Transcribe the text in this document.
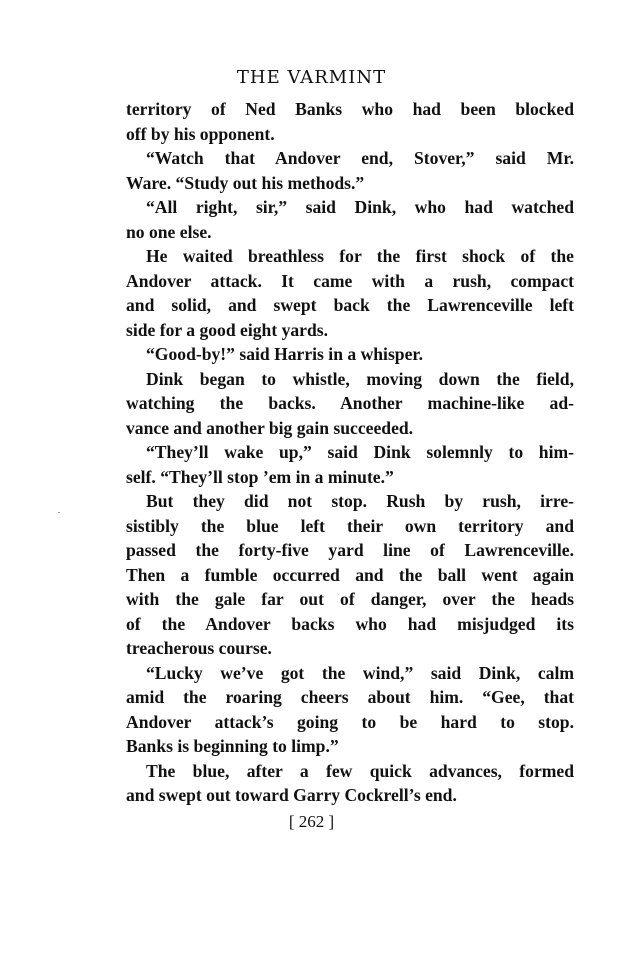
THE VARMINT
territory of Ned Banks who had been blocked
off by his opponent.
“Watch that Andover end, Stover,” said Mr.
Ware. “Study out his methods.”
“All right, sir,” said Dink, who had watched
no one else.
He waited breathless for the first shock of the
Andover attack. It came with a rush, compact
and solid, and swept back the Lawrenceville left
side for a good eight yards.
“Good-by!” said Harris in a whisper.
Dink began to whistle, moving down the field,
watching the backs. Another machine-like ad-
vance and another big gain succeeded.
“They’ll wake up,” said Dink solemnly to him-
self. “They’ll stop ’em in a minute.”
But they did not stop. Rush by rush, irre-
sistibly the blue left their own territory and
passed the forty-five yard line of Lawrenceville.
Then a fumble occurred and the ball went again
with the gale far out of danger, over the heads
of the Andover backs who had misjudged its
treacherous course.
“Lucky we’ve got the wind,” said Dink, calm
amid the roaring cheers about him. “Gee, that
Andover attack’s going to be hard to stop.
Banks is beginning to limp.”
The blue, after a few quick advances, formed
and swept out toward Garry Cockrell’s end.
[ 262 ]
